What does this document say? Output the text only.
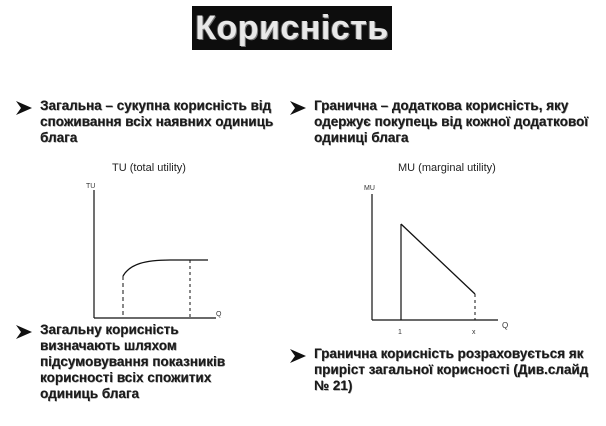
Корисність
Загальна – сукупна корисність від споживання всіх наявних одиниць блага
Загальну корисність визначають шляхом підсумовування показників корисності всіх спожитих одиниць блага
Гранична – додаткова корисність, яку одержує покупець від кожної додаткової одиниці блага
Гранична корисність розраховується як приріст загальної корисності (Див.слайд № 21)
TU (total utility)
TU
Q
MU (marginal utility)
MU
Q
1	x
